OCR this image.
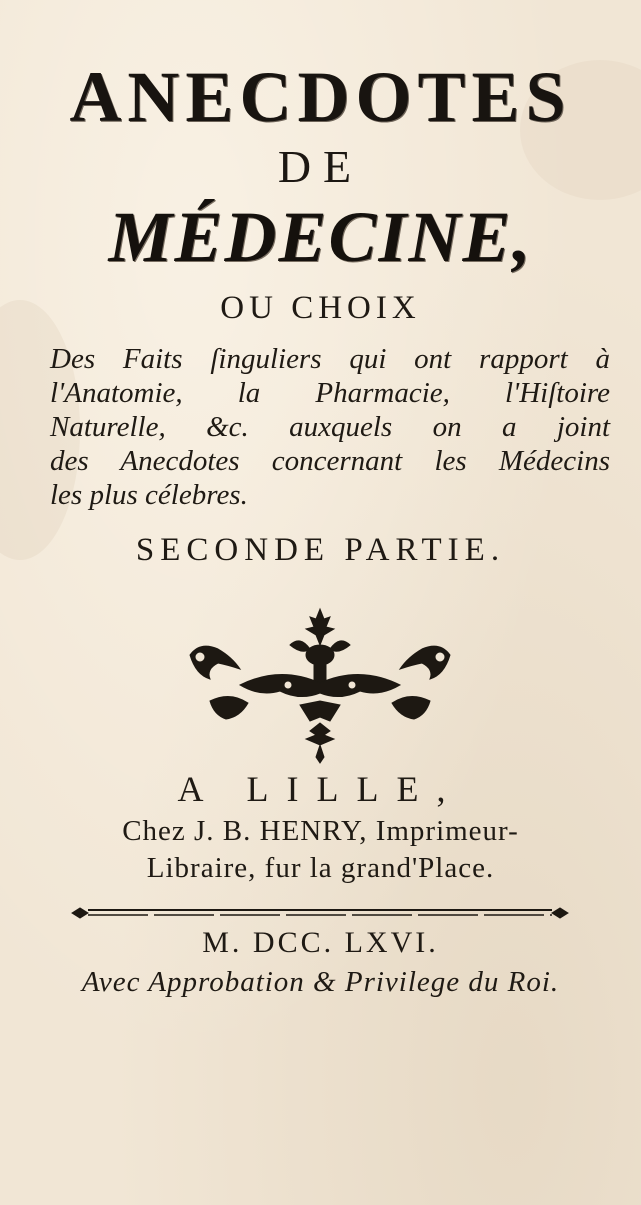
ANECDOTES
DE
MÉDECINE,
OU CHOIX
Des Faits ſinguliers qui ont rapport à
l'Anatomie, la Pharmacie, l'Hiſtoire
Naturelle, &c. auxquels on a joint
des Anecdotes concernant les Médecins
les plus célebres.
SECONDE PARTIE.
A LILLE,
Chez J. B. HENRY, Imprimeur-
Libraire, fur la grand'Place.
M. DCC. LXVI.
Avec Approbation & Privilege du Roi.
